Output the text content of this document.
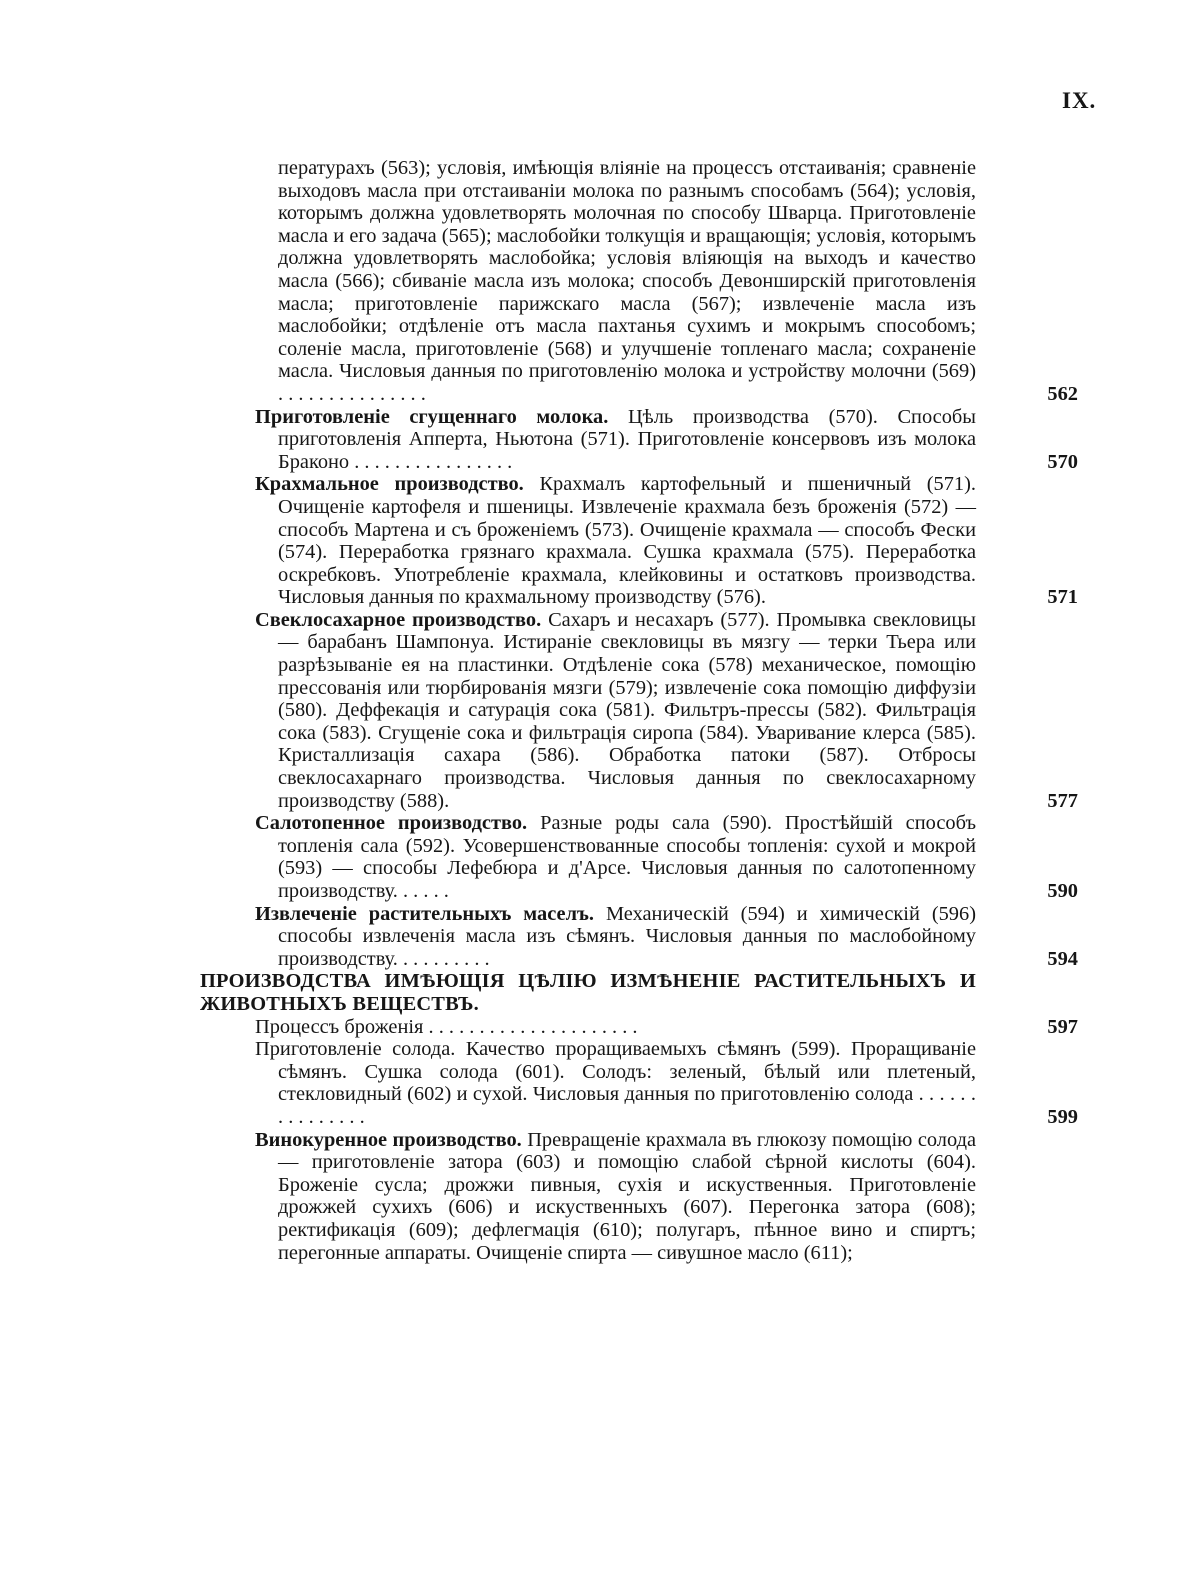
IX.

пературахъ (563); условія, имѣющія вліяніе на процессъ отстаиванія; сравненіе выходовъ масла при отстаиваніи молока по разнымъ способамъ (564); условія, которымъ должна удовлетворять молочная по способу Шварца. Приготовленіе масла и его задача (565); маслобойки толкущія и вращающія; условія, которымъ должна удовлетворять маслобойка; условія вліяющія на выходъ и качество масла (566); сбиваніе масла изъ молока; способъ Девонширскій приготовленія масла; приготовленіе парижскаго масла (567); извлеченіе масла изъ маслобойки; отдѣленіе отъ масла пахтанья сухимъ и мокрымъ способомъ; соленіе масла, приготовленіе (568) и улучшеніе топленаго масла; сохраненіе масла. Числовыя данныя по приготовленію молока и устройству молочни (569) . . . . . . . . . . . . . . .	562

Приготовленіе сгущеннаго молока. Цѣль производства (570). Способы приготовленія Апперта, Ньютона (571). Приготовленіе консервовъ изъ молока Браконо . . . . . . . . . . . . . . . .	570

Крахмальное производство. Крахмалъ картофельный и пшеничный (571). Очищеніе картофеля и пшеницы. Извлеченіе крахмала безъ броженія (572) — способъ Мартена и съ броженіемъ (573). Очищеніе крахмала — способъ Фески (574). Переработка грязнаго крахмала. Сушка крахмала (575). Переработка оскребковъ. Употребленіе крахмала, клейковины и остатковъ производства. Числовыя данныя по крахмальному производству (576).	571

Свеклосахарное производство. Сахаръ и несахаръ (577). Промывка свекловицы — барабанъ Шампонуа. Истираніе свекловицы въ мязгу — терки Тьера или разрѣзываніе ея на пластинки. Отдѣленіе сока (578) механическое, помощію прессованія или тюрбированія мязги (579); извлеченіе сока помощію диффузіи (580). Деффекація и сатурація сока (581). Фильтръ-прессы (582). Фильтрація сока (583). Сгущеніе сока и фильтрація сиропа (584). Уваривание клерса (585). Кристаллизація сахара (586). Обработка патоки (587). Отбросы свеклосахарнаго производства. Числовыя данныя по свеклосахарному производству (588).	577

Салотопенное производство. Разные роды сала (590). Простѣйшій способъ топленія сала (592). Усовершенствованные способы топленія: сухой и мокрой (593) — способы Лефебюра и д'Арсе. Числовыя данныя по салотопенному производству. . . . . .	590

Извлеченіе растительныхъ маселъ. Механическій (594) и химическій (596) способы извлеченія масла изъ сѣмянъ. Числовыя данныя по маслобойному производству. . . . . . . . . .	594

ПРОИЗВОДСТВА ИМѢЮЩІЯ ЦѢЛІЮ ИЗМѢНЕНІЕ РАСТИТЕЛЬНЫХЪ И ЖИВОТНЫХЪ ВЕЩЕСТВЪ.

Процессъ броженія . . . . . . . . . . . . . . . . . . . . .	597

Приготовленіе солода. Качество проращиваемыхъ сѣмянъ (599). Проращиваніе сѣмянъ. Сушка солода (601). Солодъ: зеленый, бѣлый или плетеный, стекловидный (602) и сухой. Числовыя данныя по приготовленію солода . . . . . . . . . . . . . . .	599

Винокуренное производство. Превращеніе крахмала въ глюкозу помощію солода — приготовленіе затора (603) и помощію слабой сѣрной кислоты (604). Броженіе сусла; дрожжи пивныя, сухія и искуственныя. Приготовленіе дрожжей сухихъ (606) и искуственныхъ (607). Перегонка затора (608); ректификація (609); дефлегмація (610); полугаръ, пѣнное вино и спиртъ; перегонные аппараты. Очищеніе спирта — сивушное масло (611);
